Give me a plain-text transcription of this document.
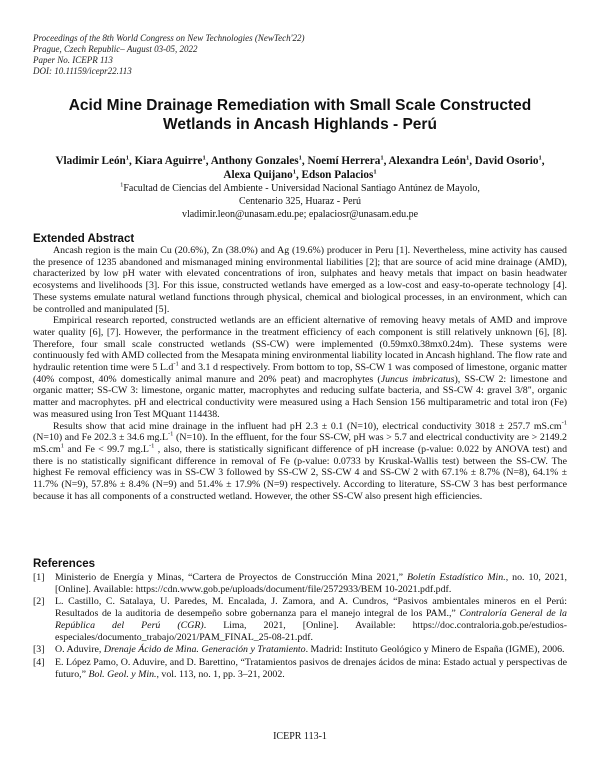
Proceedings of the 8th World Congress on New Technologies (NewTech'22)
Prague, Czech Republic– August 03-05, 2022
Paper No. ICEPR 113
DOI: 10.11159/icepr22.113
Acid Mine Drainage Remediation with Small Scale Constructed
Wetlands in Ancash Highlands - Perú
Vladimir León$^1$, Kiara Aguirre$^1$, Anthony Gonzales$^1$, Noemí Herrera$^1$, Alexandra León$^1$, David Osorio$^1$,
Alexa Quijano$^1$, Edson Palacios$^1$
$^1$Facultad de Ciencias del Ambiente - Universidad Nacional Santiago Antúnez de Mayolo,
Centenario 325, Huaraz - Perú
vladimir.leon@unasam.edu.pe; epalaciosr@unasam.edu.pe
Extended Abstract

Ancash region is the main Cu (20.6%), Zn (38.0%) and Ag (19.6%) producer in Peru [1]. Nevertheless, mine activity has caused the presence of 1235 abandoned and mismanaged mining environmental liabilities [2]; that are source of acid mine drainage (AMD), characterized by low pH water with elevated concentrations of iron, sulphates and heavy metals that impact on basin headwater ecosystems and livelihoods [3]. For this issue, constructed wetlands have emerged as a low-cost and easy-to-operate technology [4]. These systems emulate natural wetland functions through physical, chemical and biological processes, in an environment, which can be controlled and manipulated [5].

Empirical research reported, constructed wetlands are an efficient alternative of removing heavy metals of AMD and improve water quality [6], [7]. However, the performance in the treatment efficiency of each component is still relatively unknown [6], [8]. Therefore, four small scale constructed wetlands (SS-CW) were implemented (0.59mx0.38mx0.24m). These systems were continuously fed with AMD collected from the Mesapata mining environmental liability located in Ancash highland. The flow rate and hydraulic retention time were 5 $L.d^{-1}$ and 3.1 d respectively. From bottom to top, SS-CW 1 was composed of limestone, organic matter (40% compost, 40% domestically animal manure and 20% peat) and macrophytes (Juncus imbricatus), SS-CW 2: limestone and organic matter; SS-CW 3: limestone, organic matter, macrophytes and reducing sulfate bacteria, and SS-CW 4: gravel 3/8", organic matter and macrophytes. pH and electrical conductivity were measured using a Hach Sension 156 multiparametric and total iron (Fe) was measured using Iron Test MQuant 114438.

Results show that acid mine drainage in the influent had pH 2.3 ± 0.1 (N=10), electrical conductivity 3018 ± 257.7 $mS.cm^{-1}$ (N=10) and Fe 202.3 ± 34.6 $mg.L^{-1}$ (N=10). In the effluent, for the four SS-CW, pH was > 5.7 and electrical conductivity are > 2149.2 $mS.cm^1$ and Fe < 99.7 $mg.L^{-1}$ , also, there is statistically significant difference of pH increase (p-value: 0.022 by ANOVA test) and there is no statistically significant difference in removal of Fe (p-value: 0.0733 by Kruskal-Wallis test) between the SS-CW. The highest Fe removal efficiency was in SS-CW 3 followed by SS-CW 2, SS-CW 4 and SS-CW 2 with 67.1% ± 8.7% (N=8), 64.1% ± 11.7% (N=9), 57.8% ± 8.4% (N=9) and 51.4% ± 17.9% (N=9) respectively. According to literature, SS-CW 3 has best performance because it has all components of a constructed wetland. However, the other SS-CW also present high efficiencies.

References
[1]	Ministerio de Energía y Minas, “Cartera de Proyectos de Construcción Mina 2021,” Boletín Estadístico Min., no. 10, 2021, [Online]. Available: https://cdn.www.gob.pe/uploads/document/file/2572933/BEM 10-2021.pdf.pdf.
[2]	L. Castillo, C. Satalaya, U. Paredes, M. Encalada, J. Zamora, and A. Cundros, “Pasivos ambientales mineros en el Perú: Resultados de la auditoria de desempeño sobre gobernanza para el manejo integral de los PAM.,” Contraloría General de la República del Perú (CGR). Lima, 2021, [Online]. Available: https://doc.contraloria.gob.pe/estudios-especiales/documento_trabajo/2021/PAM_FINAL_25-08-21.pdf.
[3]	O. Aduvire, Drenaje Ácido de Mina. Generación y Tratamiento. Madrid: Instituto Geológico y Minero de España (IGME), 2006.
[4]	E. López Pamo, O. Aduvire, and D. Barettino, “Tratamientos pasivos de drenajes ácidos de mina: Estado actual y perspectivas de futuro,” Bol. Geol. y Min., vol. 113, no. 1, pp. 3–21, 2002.
ICEPR 113-1
